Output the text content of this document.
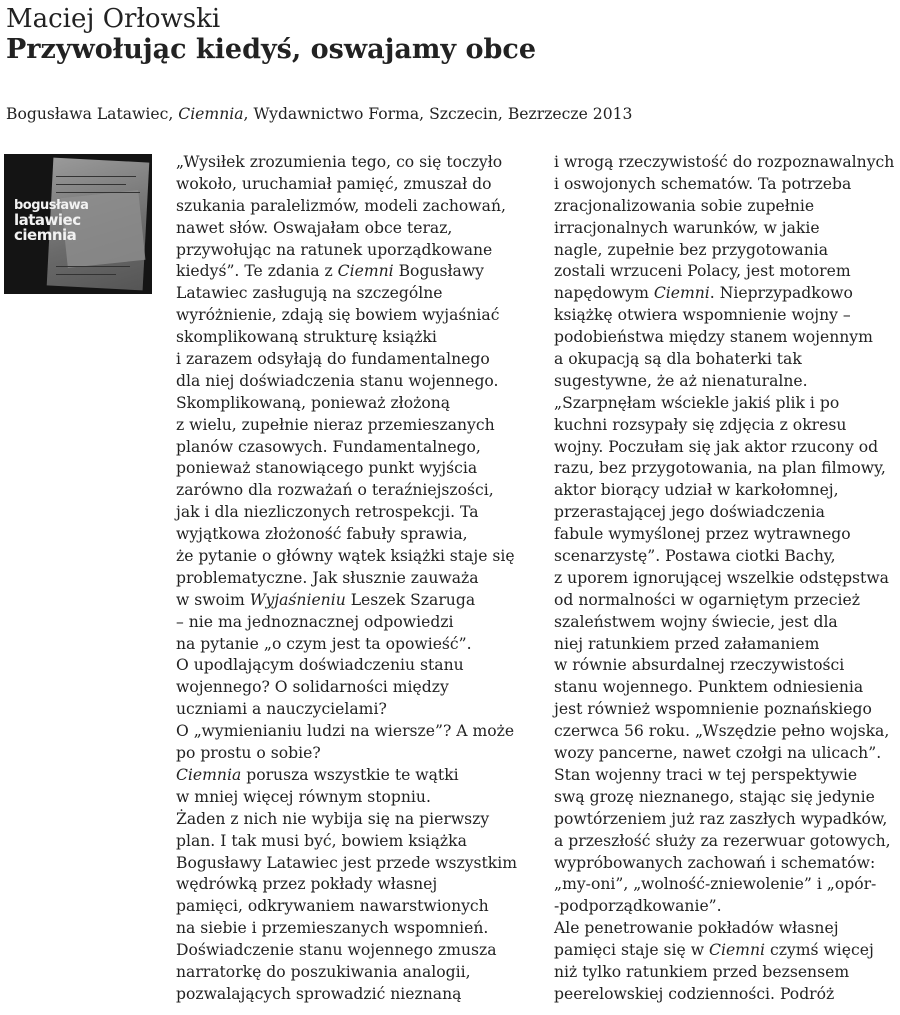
Maciej Orłowski
Przywołując kiedyś, oswajamy obce
Bogusława Latawiec, Ciemnia, Wydawnictwo Forma, Szczecin, Bezrzecze 2013
bogusława
latawiec
ciemnia
„Wysiłek zrozumienia tego, co się toczyło
wokoło, uruchamiał pamięć, zmuszał do
szukania paralelizmów, modeli zachowań,
nawet słów. Oswajałam obce teraz,
przywołując na ratunek uporządkowane
kiedyś”. Te zdania z Ciemni Bogusławy
Latawiec zasługują na szczególne
wyróżnienie, zdają się bowiem wyjaśniać
skomplikowaną strukturę książki
i zarazem odsyłają do fundamentalnego
dla niej doświadczenia stanu wojennego.
Skomplikowaną, ponieważ złożoną
z wielu, zupełnie nieraz przemieszanych
planów czasowych. Fundamentalnego,
ponieważ stanowiącego punkt wyjścia
zarówno dla rozważań o teraźniejszości,
jak i dla niezliczonych retrospekcji. Ta
wyjątkowa złożoność fabuły sprawia,
że pytanie o główny wątek książki staje się
problematyczne. Jak słusznie zauważa
w swoim Wyjaśnieniu Leszek Szaruga
– nie ma jednoznacznej odpowiedzi
na pytanie „o czym jest ta opowieść”.
O upodlającym doświadczeniu stanu
wojennego? O solidarności między
uczniami a nauczycielami?
O „wymienianiu ludzi na wiersze”? A może
po prostu o sobie?
Ciemnia porusza wszystkie te wątki
w mniej więcej równym stopniu.
Żaden z nich nie wybija się na pierwszy
plan. I tak musi być, bowiem książka
Bogusławy Latawiec jest przede wszystkim
wędrówką przez pokłady własnej
pamięci, odkrywaniem nawarstwionych
na siebie i przemieszanych wspomnień.
Doświadczenie stanu wojennego zmusza
narratorkę do poszukiwania analogii,
pozwalających sprowadzić nieznaną
i wrogą rzeczywistość do rozpoznawalnych
i oswojonych schematów. Ta potrzeba
zracjonalizowania sobie zupełnie
irracjonalnych warunków, w jakie
nagle, zupełnie bez przygotowania
zostali wrzuceni Polacy, jest motorem
napędowym Ciemni. Nieprzypadkowo
książkę otwiera wspomnienie wojny –
podobieństwa między stanem wojennym
a okupacją są dla bohaterki tak
sugestywne, że aż nienaturalne.
„Szarpnęłam wściekle jakiś plik i po
kuchni rozsypały się zdjęcia z okresu
wojny. Poczułam się jak aktor rzucony od
razu, bez przygotowania, na plan filmowy,
aktor biorący udział w karkołomnej,
przerastającej jego doświadczenia
fabule wymyślonej przez wytrawnego
scenarzystę”. Postawa ciotki Bachy,
z uporem ignorującej wszelkie odstępstwa
od normalności w ogarniętym przecież
szaleństwem wojny świecie, jest dla
niej ratunkiem przed załamaniem
w równie absurdalnej rzeczywistości
stanu wojennego. Punktem odniesienia
jest również wspomnienie poznańskiego
czerwca 56 roku. „Wszędzie pełno wojska,
wozy pancerne, nawet czołgi na ulicach”.
Stan wojenny traci w tej perspektywie
swą grozę nieznanego, stając się jedynie
powtórzeniem już raz zaszłych wypadków,
a przeszłość służy za rezerwuar gotowych,
wypróbowanych zachowań i schematów:
„my-oni”, „wolność-zniewolenie” i „opór-
-podporządkowanie”.
Ale penetrowanie pokładów własnej
pamięci staje się w Ciemni czymś więcej
niż tylko ratunkiem przed bezsensem
peerelowskiej codzienności. Podróż
